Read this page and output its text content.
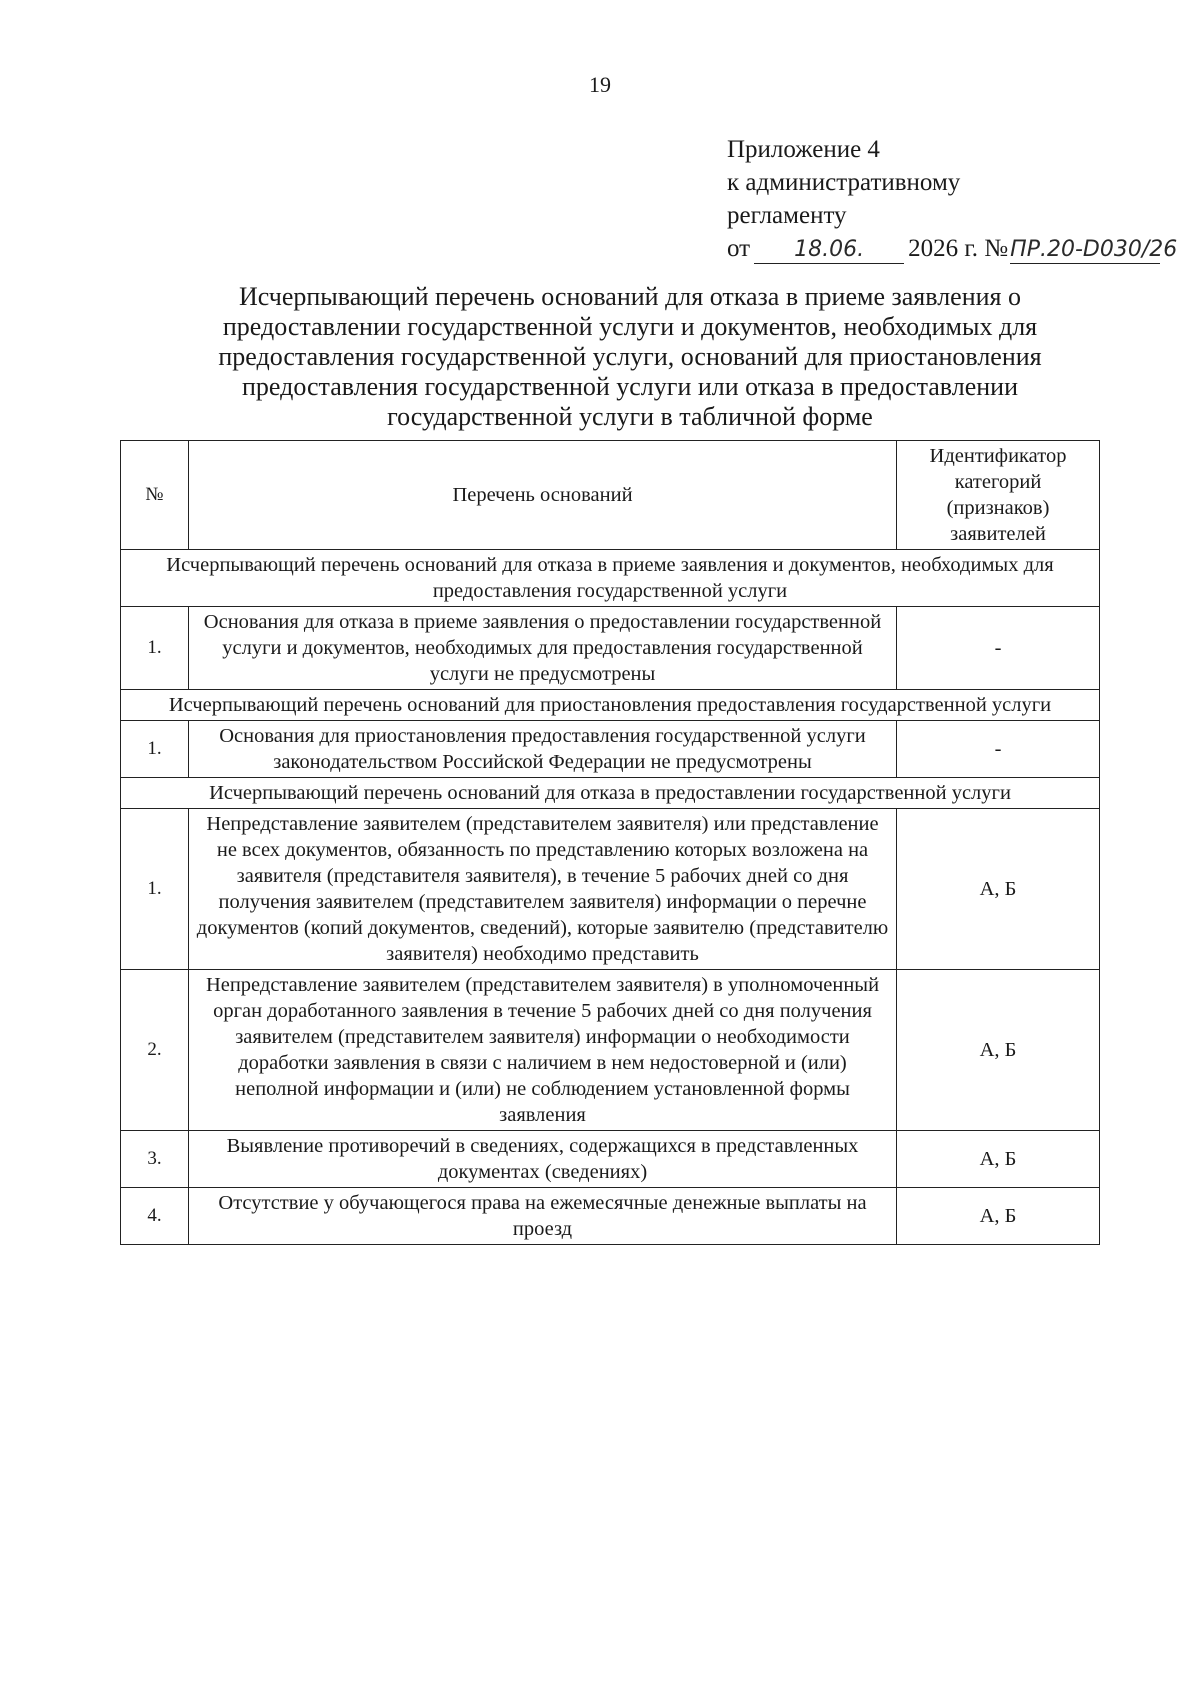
19
Приложение 4
к административному
регламенту
от 18.06. 2026 г. №ПР.20-D030/26
Исчерпывающий перечень оснований для отказа в приеме заявления о предоставлении государственной услуги и документов, необходимых для предоставления государственной услуги, оснований для приостановления предоставления государственной услуги или отказа в предоставлении государственной услуги в табличной форме
№	Перечень оснований	Идентификатор категорий (признаков) заявителей
Исчерпывающий перечень оснований для отказа в приеме заявления и документов, необходимых для предоставления государственной услуги		
1.	Основания для отказа в приеме заявления о предоставлении государственной услуги и документов, необходимых для предоставления государственной услуги не предусмотрены	-
Исчерпывающий перечень оснований для приостановления предоставления государственной услуги		
1.	Основания для приостановления предоставления государственной услуги законодательством Российской Федерации не предусмотрены	-
Исчерпывающий перечень оснований для отказа в предоставлении государственной услуги		
1.	Непредставление заявителем (представителем заявителя) или представление не всех документов, обязанность по представлению которых возложена на заявителя (представителя заявителя), в течение 5 рабочих дней со дня получения заявителем (представителем заявителя) информации о перечне документов (копий документов, сведений), которые заявителю (представителю заявителя) необходимо представить	А, Б
2.	Непредставление заявителем (представителем заявителя) в уполномоченный орган доработанного заявления в течение 5 рабочих дней со дня получения заявителем (представителем заявителя) информации о необходимости доработки заявления в связи с наличием в нем недостоверной и (или) неполной информации и (или) не соблюдением установленной формы заявления	А, Б
3.	Выявление противоречий в сведениях, содержащихся в представленных документах (сведениях)	А, Б
4.	Отсутствие у обучающегося права на ежемесячные денежные выплаты на проезд	А, Б
